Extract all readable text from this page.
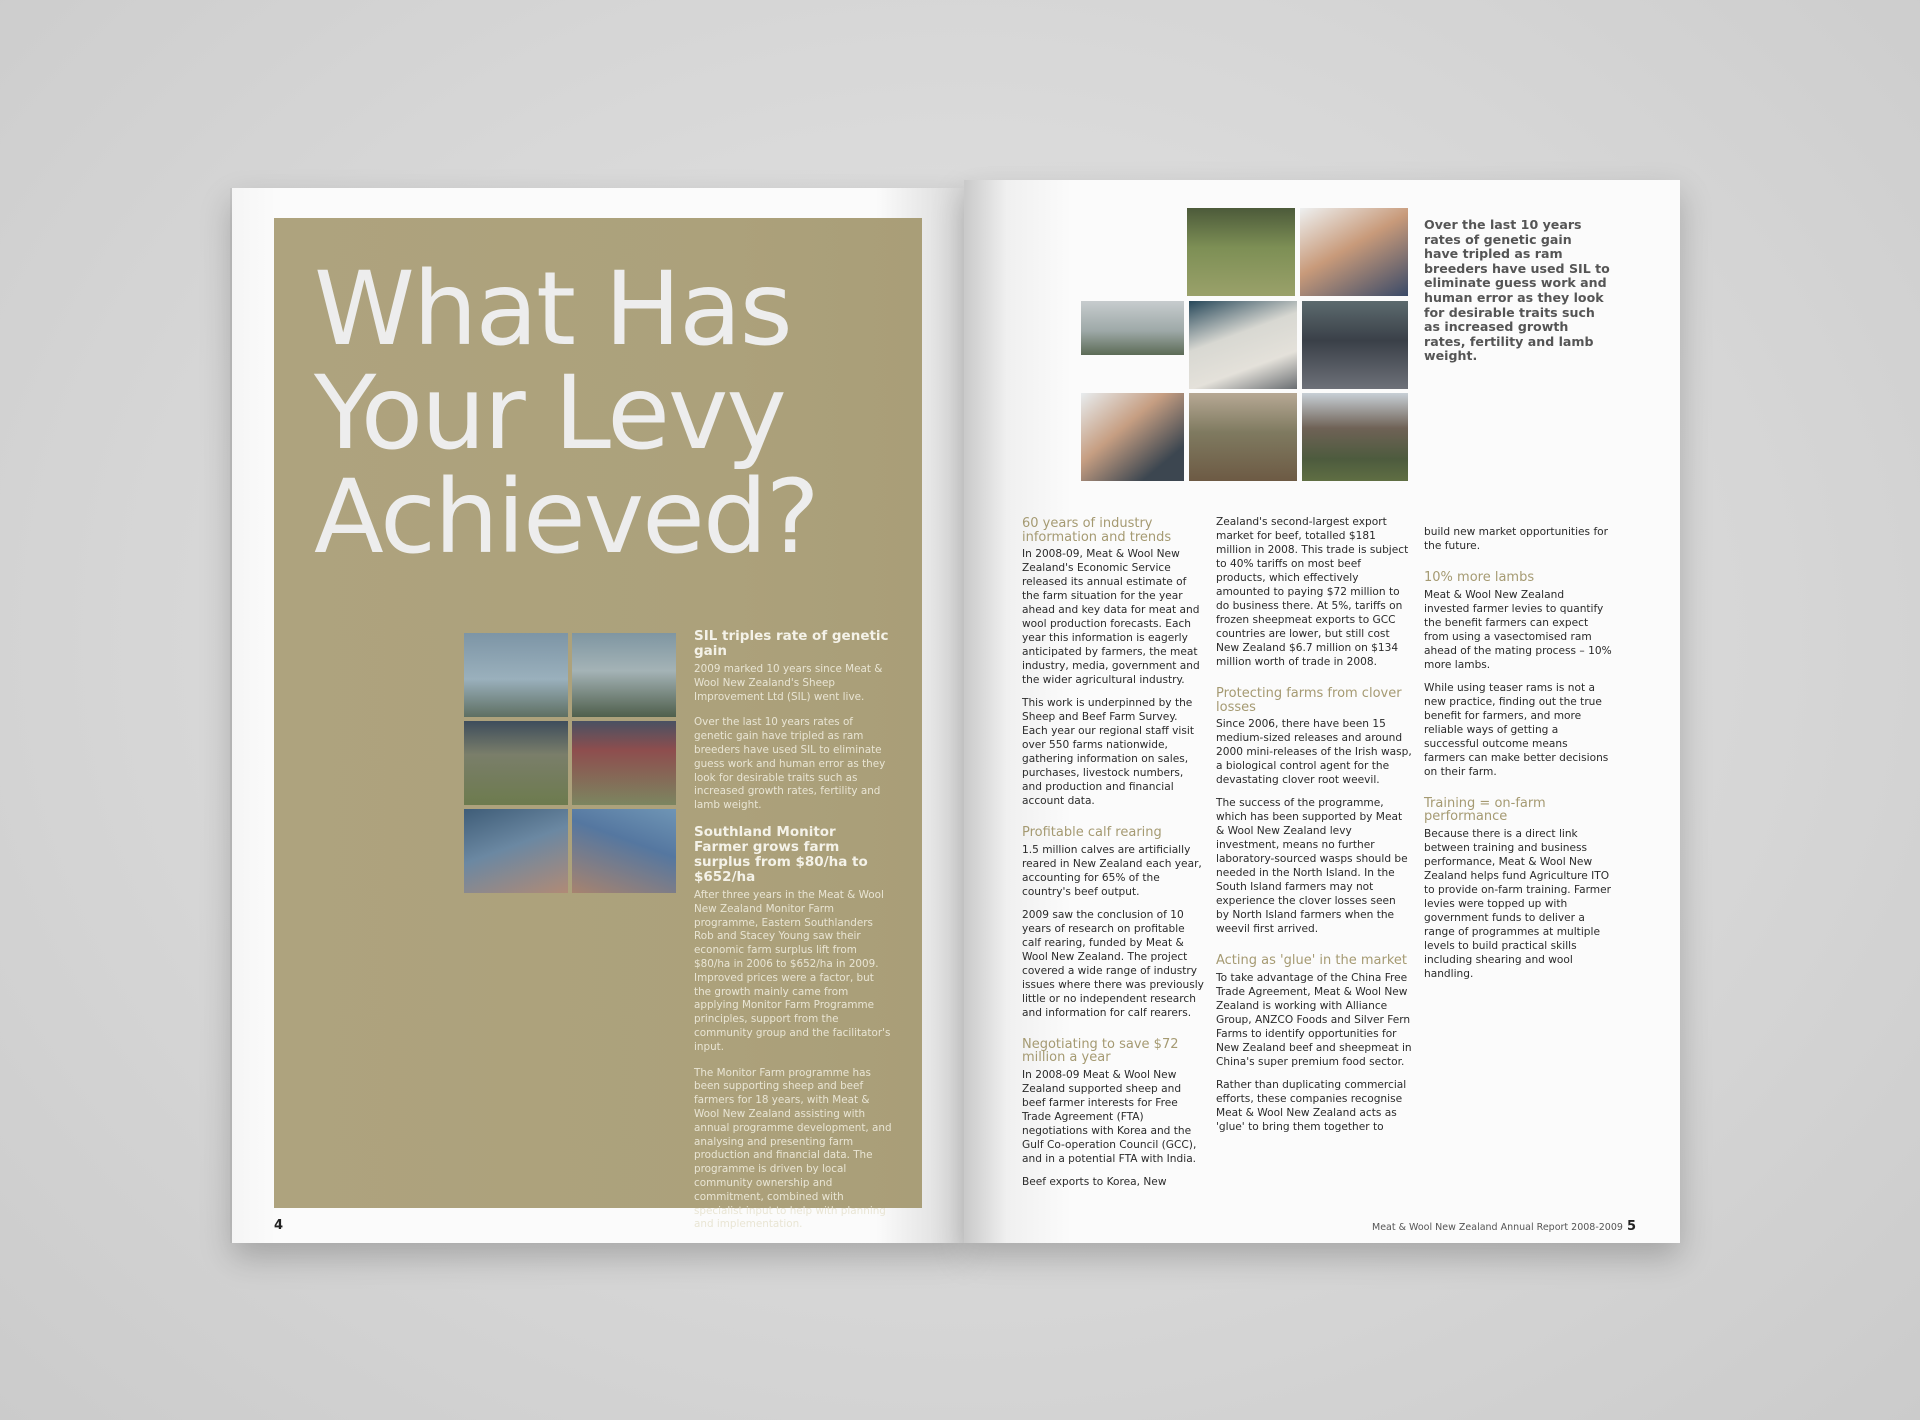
What Has
Your Levy
Achieved?
SIL triples rate of genetic gain

2009 marked 10 years since Meat & Wool New Zealand's Sheep Improvement Ltd (SIL) went live.

Over the last 10 years rates of genetic gain have tripled as ram breeders have used SIL to eliminate guess work and human error as they look for desirable traits such as increased growth rates, fertility and lamb weight.

Southland Monitor Farmer grows farm surplus from $80/ha to $652/ha

After three years in the Meat & Wool New Zealand Monitor Farm programme, Eastern Southlanders Rob and Stacey Young saw their economic farm surplus lift from $80/ha in 2006 to $652/ha in 2009. Improved prices were a factor, but the growth mainly came from applying Monitor Farm Programme principles, support from the community group and the facilitator's input.

The Monitor Farm programme has been supporting sheep and beef farmers for 18 years, with Meat & Wool New Zealand assisting with annual programme development, and analysing and presenting farm production and financial data. The programme is driven by local community ownership and commitment, combined with specialist input to help with planning and implementation.

4
Over the last 10 years rates of genetic gain have tripled as ram breeders have used SIL to eliminate guess work and human error as they look for desirable traits such as increased growth rates, fertility and lamb weight.
60 years of industry information and trends

In 2008-09, Meat & Wool New Zealand's Economic Service released its annual estimate of the farm situation for the year ahead and key data for meat and wool production forecasts. Each year this information is eagerly anticipated by farmers, the meat industry, media, government and the wider agricultural industry.

This work is underpinned by the Sheep and Beef Farm Survey. Each year our regional staff visit over 550 farms nationwide, gathering information on sales, purchases, livestock numbers, and production and financial account data.

Profitable calf rearing

1.5 million calves are artificially reared in New Zealand each year, accounting for 65% of the country's beef output.

2009 saw the conclusion of 10 years of research on profitable calf rearing, funded by Meat & Wool New Zealand. The project covered a wide range of industry issues where there was previously little or no independent research and information for calf rearers.

Negotiating to save $72 million a year

In 2008-09 Meat & Wool New Zealand supported sheep and beef farmer interests for Free Trade Agreement (FTA) negotiations with Korea and the Gulf Co-operation Council (GCC), and in a potential FTA with India.

Beef exports to Korea, New

Zealand's second-largest export market for beef, totalled $181 million in 2008. This trade is subject to 40% tariffs on most beef products, which effectively amounted to paying $72 million to do business there. At 5%, tariffs on frozen sheepmeat exports to GCC countries are lower, but still cost New Zealand $6.7 million on $134 million worth of trade in 2008.

Protecting farms from clover losses

Since 2006, there have been 15 medium-sized releases and around 2000 mini-releases of the Irish wasp, a biological control agent for the devastating clover root weevil.

The success of the programme, which has been supported by Meat & Wool New Zealand levy investment, means no further laboratory-sourced wasps should be needed in the North Island. In the South Island farmers may not experience the clover losses seen by North Island farmers when the weevil first arrived.

Acting as 'glue' in the market

To take advantage of the China Free Trade Agreement, Meat & Wool New Zealand is working with Alliance Group, ANZCO Foods and Silver Fern Farms to identify opportunities for New Zealand beef and sheepmeat in China's super premium food sector.

Rather than duplicating commercial efforts, these companies recognise Meat & Wool New Zealand acts as 'glue' to bring them together to

build new market opportunities for the future.

10% more lambs

Meat & Wool New Zealand invested farmer levies to quantify the benefit farmers can expect from using a vasectomised ram ahead of the mating process – 10% more lambs.

While using teaser rams is not a new practice, finding out the true benefit for farmers, and more reliable ways of getting a successful outcome means farmers can make better decisions on their farm.

Training = on-farm performance

Because there is a direct link between training and business performance, Meat & Wool New Zealand helps fund Agriculture ITO to provide on-farm training. Farmer levies were topped up with government funds to deliver a range of programmes at multiple levels to build practical skills including shearing and wool handling.

Meat & Wool New Zealand Annual Report 2008-2009 5
